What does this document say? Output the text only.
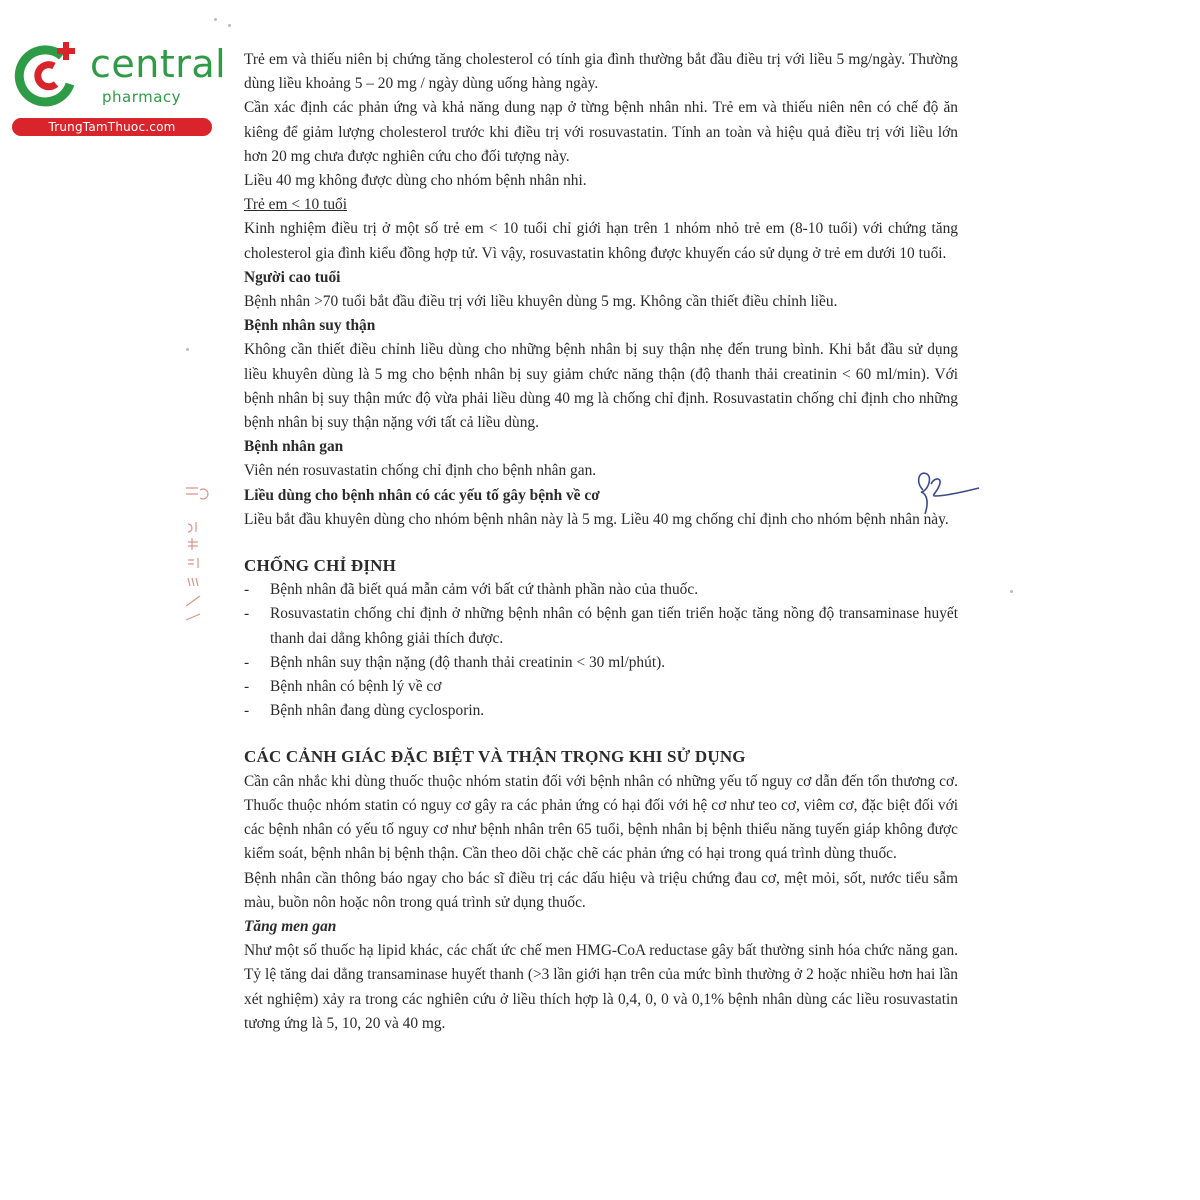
central
pharmacy
TrungTamThuoc.com

Trẻ em và thiếu niên bị chứng tăng cholesterol có tính gia đình thường bắt đầu điều trị với liều 5 mg/ngày. Thường dùng liều khoảng 5 – 20 mg / ngày dùng uống hàng ngày.

Cần xác định các phản ứng và khả năng dung nạp ở từng bệnh nhân nhi. Trẻ em và thiếu niên nên có chế độ ăn kiêng để giảm lượng cholesterol trước khi điều trị với rosuvastatin. Tính an toàn và hiệu quả điều trị với liều lớn hơn 20 mg chưa được nghiên cứu cho đối tượng này.

Liều 40 mg không được dùng cho nhóm bệnh nhân nhi.

Trẻ em < 10 tuổi

Kinh nghiệm điều trị ở một số trẻ em < 10 tuổi chỉ giới hạn trên 1 nhóm nhỏ trẻ em (8-10 tuổi) với chứng tăng cholesterol gia đình kiểu đồng hợp tử. Vì vậy, rosuvastatin không được khuyến cáo sử dụng ở trẻ em dưới 10 tuổi.

Người cao tuổi

Bệnh nhân >70 tuổi bắt đầu điều trị với liều khuyên dùng 5 mg. Không cần thiết điều chỉnh liều.

Bệnh nhân suy thận

Không cần thiết điều chỉnh liều dùng cho những bệnh nhân bị suy thận nhẹ đến trung bình. Khi bắt đầu sử dụng liều khuyên dùng là 5 mg cho bệnh nhân bị suy giảm chức năng thận (độ thanh thải creatinin < 60 ml/min). Với bệnh nhân bị suy thận mức độ vừa phải liều dùng 40 mg là chống chỉ định. Rosuvastatin chống chỉ định cho những bệnh nhân bị suy thận nặng với tất cả liều dùng.

Bệnh nhân gan

Viên nén rosuvastatin chống chỉ định cho bệnh nhân gan.

Liều dùng cho bệnh nhân có các yếu tố gây bệnh về cơ

Liều bắt đầu khuyên dùng cho nhóm bệnh nhân này là 5 mg. Liều 40 mg chống chỉ định cho nhóm bệnh nhân này.

CHỐNG CHỈ ĐỊNH

- Bệnh nhân đã biết quá mẫn cảm với bất cứ thành phần nào của thuốc.
- Rosuvastatin chống chỉ định ở những bệnh nhân có bệnh gan tiến triển hoặc tăng nồng độ transaminase huyết thanh dai dẳng không giải thích được.
- Bệnh nhân suy thận nặng (độ thanh thải creatinin < 30 ml/phút).
- Bệnh nhân có bệnh lý về cơ
- Bệnh nhân đang dùng cyclosporin.

CÁC CẢNH GIÁC ĐẶC BIỆT VÀ THẬN TRỌNG KHI SỬ DỤNG

Cần cân nhắc khi dùng thuốc thuộc nhóm statin đối với bệnh nhân có những yếu tố nguy cơ dẫn đến tổn thương cơ. Thuốc thuộc nhóm statin có nguy cơ gây ra các phản ứng có hại đối với hệ cơ như teo cơ, viêm cơ, đặc biệt đối với các bệnh nhân có yếu tố nguy cơ như bệnh nhân trên 65 tuổi, bệnh nhân bị bệnh thiểu năng tuyến giáp không được kiểm soát, bệnh nhân bị bệnh thận. Cần theo dõi chặc chẽ các phản ứng có hại trong quá trình dùng thuốc.

Bệnh nhân cần thông báo ngay cho bác sĩ điều trị các dấu hiệu và triệu chứng đau cơ, mệt mỏi, sốt, nước tiểu sẫm màu, buồn nôn hoặc nôn trong quá trình sử dụng thuốc.

Tăng men gan

Như một số thuốc hạ lipid khác, các chất ức chế men HMG-CoA reductase gây bất thường sinh hóa chức năng gan. Tỷ lệ tăng dai dẳng transaminase huyết thanh (>3 lần giới hạn trên của mức bình thường ở 2 hoặc nhiều hơn hai lần xét nghiệm) xảy ra trong các nghiên cứu ở liều thích hợp là 0,4, 0, 0 và 0,1% bệnh nhân dùng các liều rosuvastatin tương ứng là 5, 10, 20 và 40 mg.
